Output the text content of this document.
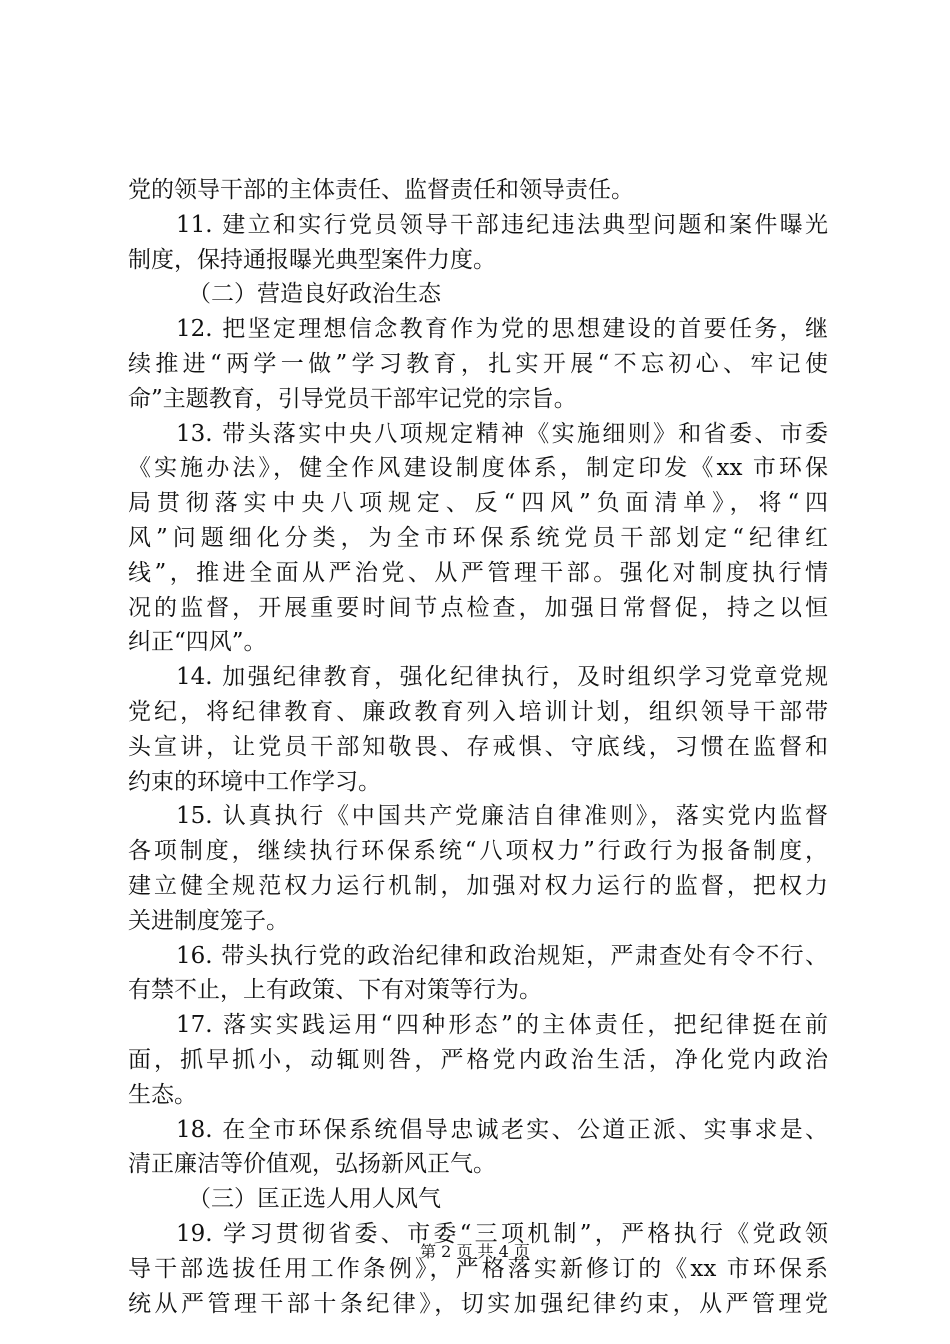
党的领导干部的主体责任、监督责任和领导责任。
11. 建立和实行党员领导干部违纪违法典型问题和案件曝光
制度，保持通报曝光典型案件力度。
（二）营造良好政治生态
12. 把坚定理想信念教育作为党的思想建设的首要任务，继
续推进“两学一做”学习教育，扎实开展“不忘初心、牢记使
命”主题教育，引导党员干部牢记党的宗旨。
13. 带头落实中央八项规定精神《实施细则》和省委、市委
《实施办法》，健全作风建设制度体系，制定印发《xx 市环保
局贯彻落实中央八项规定、反“四风”负面清单》，将“四
风”问题细化分类，为全市环保系统党员干部划定“纪律红
线”，推进全面从严治党、从严管理干部。强化对制度执行情
况的监督，开展重要时间节点检查，加强日常督促，持之以恒
纠正“四风”。
14. 加强纪律教育，强化纪律执行，及时组织学习党章党规
党纪，将纪律教育、廉政教育列入培训计划，组织领导干部带
头宣讲，让党员干部知敬畏、存戒惧、守底线，习惯在监督和
约束的环境中工作学习。
15. 认真执行《中国共产党廉洁自律准则》，落实党内监督
各项制度，继续执行环保系统“八项权力”行政行为报备制度，
建立健全规范权力运行机制，加强对权力运行的监督，把权力
关进制度笼子。
16. 带头执行党的政治纪律和政治规矩，严肃查处有令不行、
有禁不止，上有政策、下有对策等行为。
17. 落实实践运用“四种形态”的主体责任，把纪律挺在前
面，抓早抓小，动辄则咎，严格党内政治生活，净化党内政治
生态。
18. 在全市环保系统倡导忠诚老实、公道正派、实事求是、
清正廉洁等价值观，弘扬新风正气。
（三）匡正选人用人风气
19. 学习贯彻省委、市委“三项机制”，严格执行《党政领
导干部选拔任用工作条例》，严格落实新修订的《xx 市环保系
统从严管理干部十条纪律》，切实加强纪律约束，从严管理党
第 2 页 共 4 页
